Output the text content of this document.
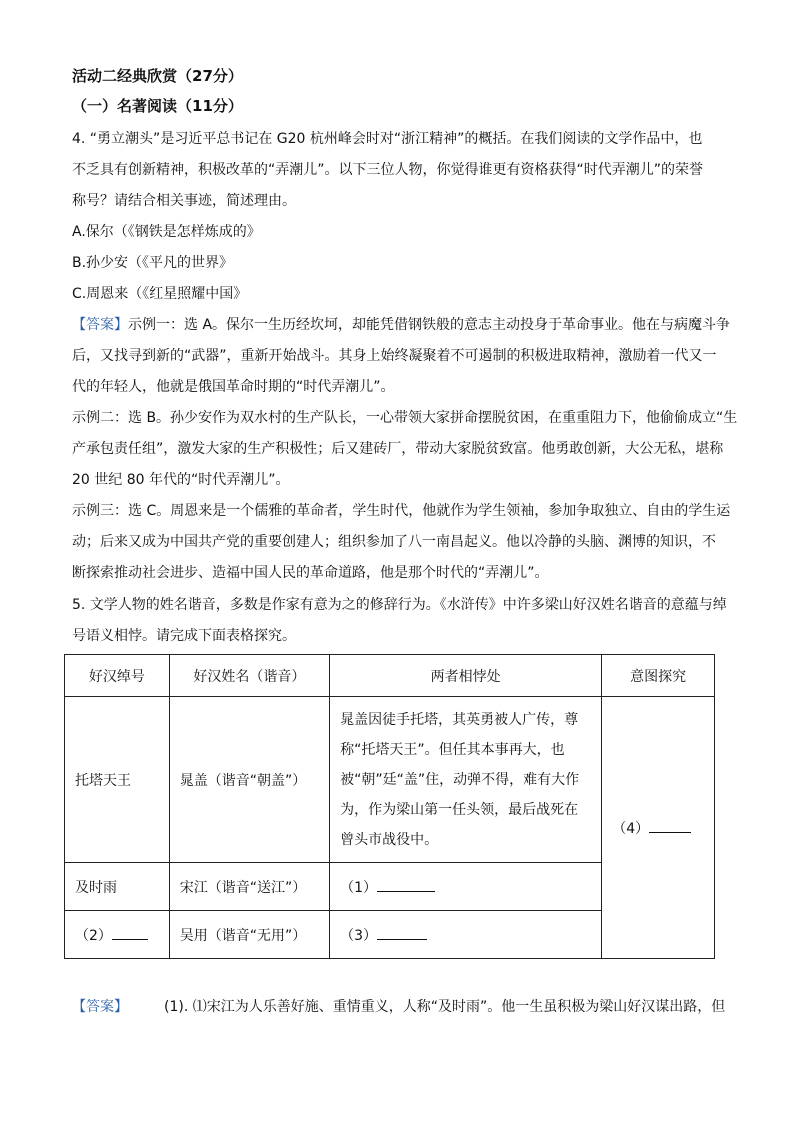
活动二经典欣赏（27分）
（一）名著阅读（11分）
4. “勇立潮头”是习近平总书记在 G20 杭州峰会时对“浙江精神”的概括。在我们阅读的文学作品中，也
不乏具有创新精神，积极改革的“弄潮儿”。以下三位人物，你觉得谁更有资格获得“时代弄潮儿”的荣誉
称号？请结合相关事迹，简述理由。
A.保尔（《钢铁是怎样炼成的》
B.孙少安（《平凡的世界》
C.周恩来（《红星照耀中国》
【答案】示例一：选 A。保尔一生历经坎坷，却能凭借钢铁般的意志主动投身于革命事业。他在与病魔斗争
后，又找寻到新的“武器”，重新开始战斗。其身上始终凝聚着不可遏制的积极进取精神，激励着一代又一
代的年轻人，他就是俄国革命时期的“时代弄潮儿”。
示例二：选 B。孙少安作为双水村的生产队长，一心带领大家拼命摆脱贫困，在重重阻力下，他偷偷成立“生
产承包责任组”，激发大家的生产积极性；后又建砖厂，带动大家脱贫致富。他勇敢创新，大公无私，堪称
20 世纪 80 年代的“时代弄潮儿”。
示例三：选 C。周恩来是一个儒雅的革命者，学生时代，他就作为学生领袖，参加争取独立、自由的学生运
动；后来又成为中国共产党的重要创建人；组织参加了八一南昌起义。他以冷静的头脑、渊博的知识，不
断探索推动社会进步、造福中国人民的革命道路，他是那个时代的“弄潮儿”。
5. 文学人物的姓名谐音，多数是作家有意为之的修辞行为。《水浒传》中许多梁山好汉姓名谐音的意蕴与绰
号语义相悖。请完成下面表格探究。
好汉绰号	好汉姓名（谐音）	两者相悖处	意图探究
托塔天王	晁盖（谐音“朝盖”）	晁盖因徒手托塔，其英勇被人广传，尊称“托塔天王”。但任其本事再大，也被“朝”廷“盖”住，动弹不得，难有大作为，作为梁山第一任头领，最后战死在曾头市战役中。	（4）
及时雨	宋江（谐音“送江”）	（1）	
（2）	吴用（谐音“无用”）	（3）	
【答案】	(1). ⑴宋江为人乐善好施、重情重义，人称“及时雨”。他一生虽积极为梁山好汉谋出路，但
